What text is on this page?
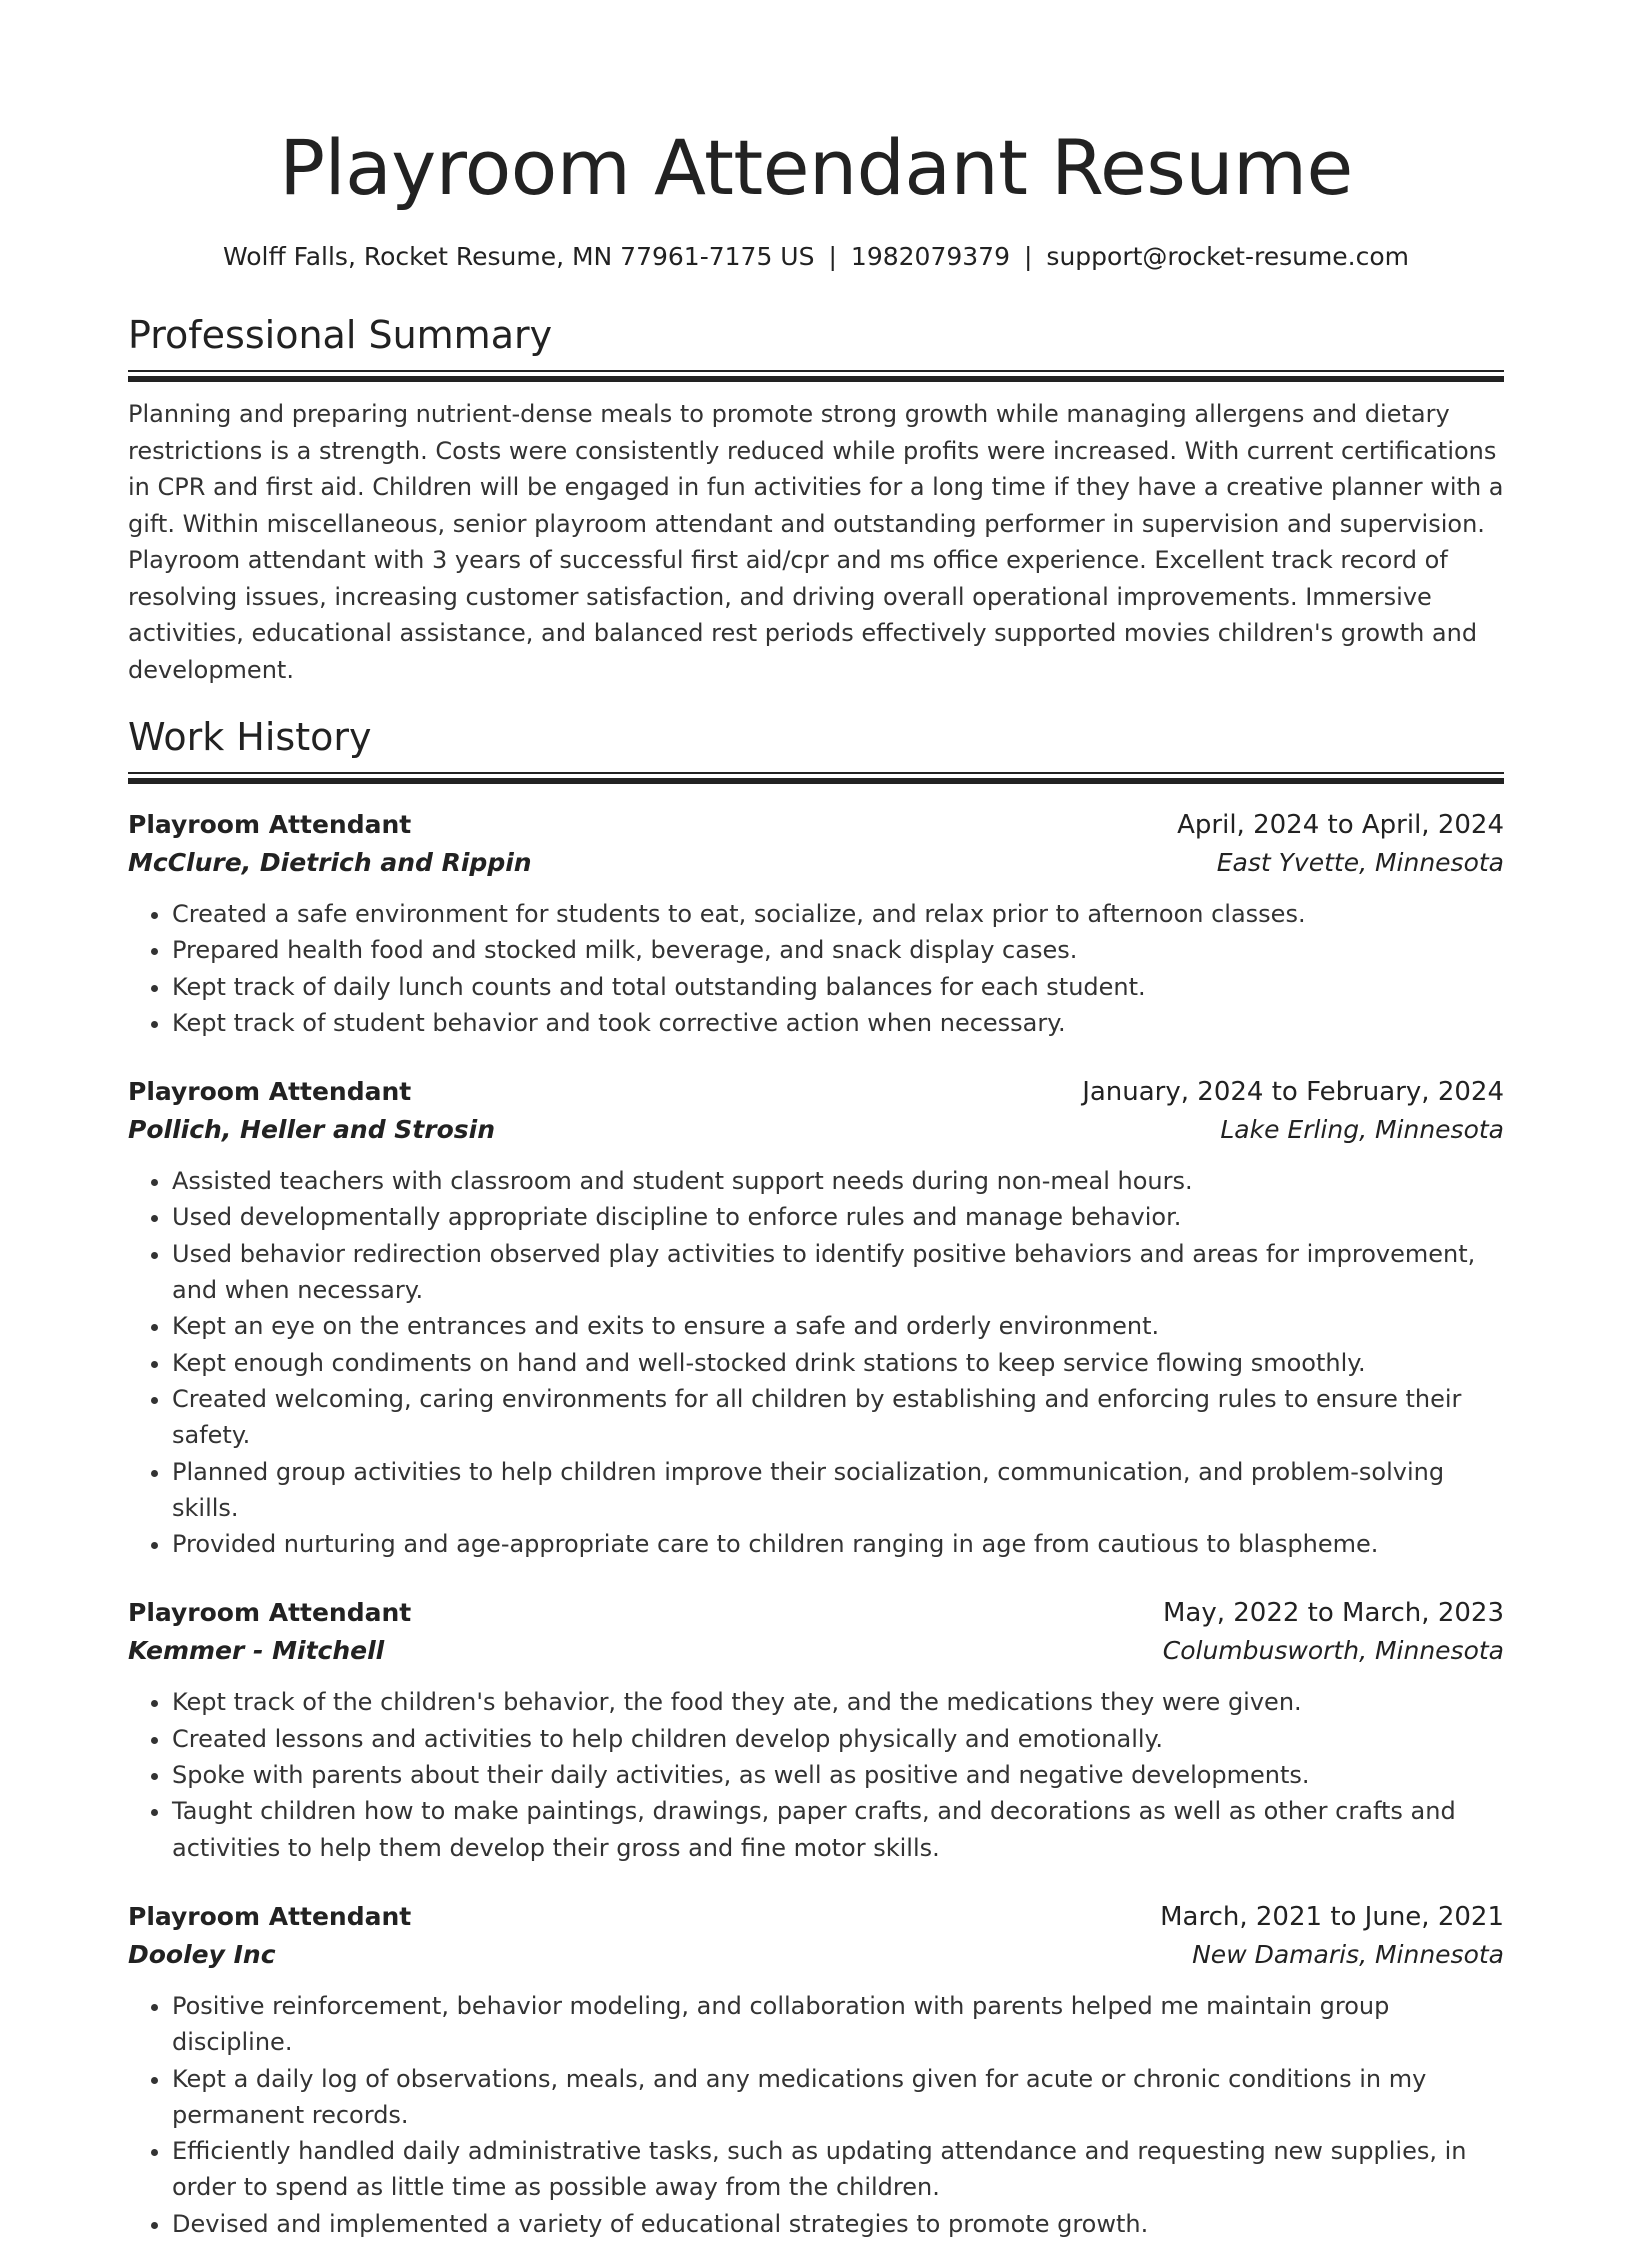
Playroom Attendant Resume
Wolff Falls, Rocket Resume, MN 77961-7175 US | 1982079379 | support@rocket-resume.com
Professional Summary

Planning and preparing nutrient-dense meals to promote strong growth while managing allergens and dietary restrictions is a strength. Costs were consistently reduced while profits were increased. With current certifications in CPR and first aid. Children will be engaged in fun activities for a long time if they have a creative planner with a gift. Within miscellaneous, senior playroom attendant and outstanding performer in supervision and supervision. Playroom attendant with 3 years of successful first aid/cpr and ms office experience. Excellent track record of resolving issues, increasing customer satisfaction, and driving overall operational improvements. Immersive activities, educational assistance, and balanced rest periods effectively supported movies children's growth and development.

Work History
Playroom Attendant	April, 2024 to April, 2024
McClure, Dietrich and Rippin	East Yvette, Minnesota
• Created a safe environment for students to eat, socialize, and relax prior to afternoon classes.
• Prepared health food and stocked milk, beverage, and snack display cases.
• Kept track of daily lunch counts and total outstanding balances for each student.
• Kept track of student behavior and took corrective action when necessary.
Playroom Attendant	January, 2024 to February, 2024
Pollich, Heller and Strosin	Lake Erling, Minnesota
• Assisted teachers with classroom and student support needs during non-meal hours.
• Used developmentally appropriate discipline to enforce rules and manage behavior.
• Used behavior redirection observed play activities to identify positive behaviors and areas for improvement, and when necessary.
• Kept an eye on the entrances and exits to ensure a safe and orderly environment.
• Kept enough condiments on hand and well-stocked drink stations to keep service flowing smoothly.
• Created welcoming, caring environments for all children by establishing and enforcing rules to ensure their safety.
• Planned group activities to help children improve their socialization, communication, and problem-solving skills.
• Provided nurturing and age-appropriate care to children ranging in age from cautious to blaspheme.
Playroom Attendant	May, 2022 to March, 2023
Kemmer - Mitchell	Columbusworth, Minnesota
• Kept track of the children's behavior, the food they ate, and the medications they were given.
• Created lessons and activities to help children develop physically and emotionally.
• Spoke with parents about their daily activities, as well as positive and negative developments.
• Taught children how to make paintings, drawings, paper crafts, and decorations as well as other crafts and activities to help them develop their gross and fine motor skills.
Playroom Attendant	March, 2021 to June, 2021
Dooley Inc	New Damaris, Minnesota
• Positive reinforcement, behavior modeling, and collaboration with parents helped me maintain group discipline.
• Kept a daily log of observations, meals, and any medications given for acute or chronic conditions in my permanent records.
• Efficiently handled daily administrative tasks, such as updating attendance and requesting new supplies, in order to spend as little time as possible away from the children.
• Devised and implemented a variety of educational strategies to promote growth.
